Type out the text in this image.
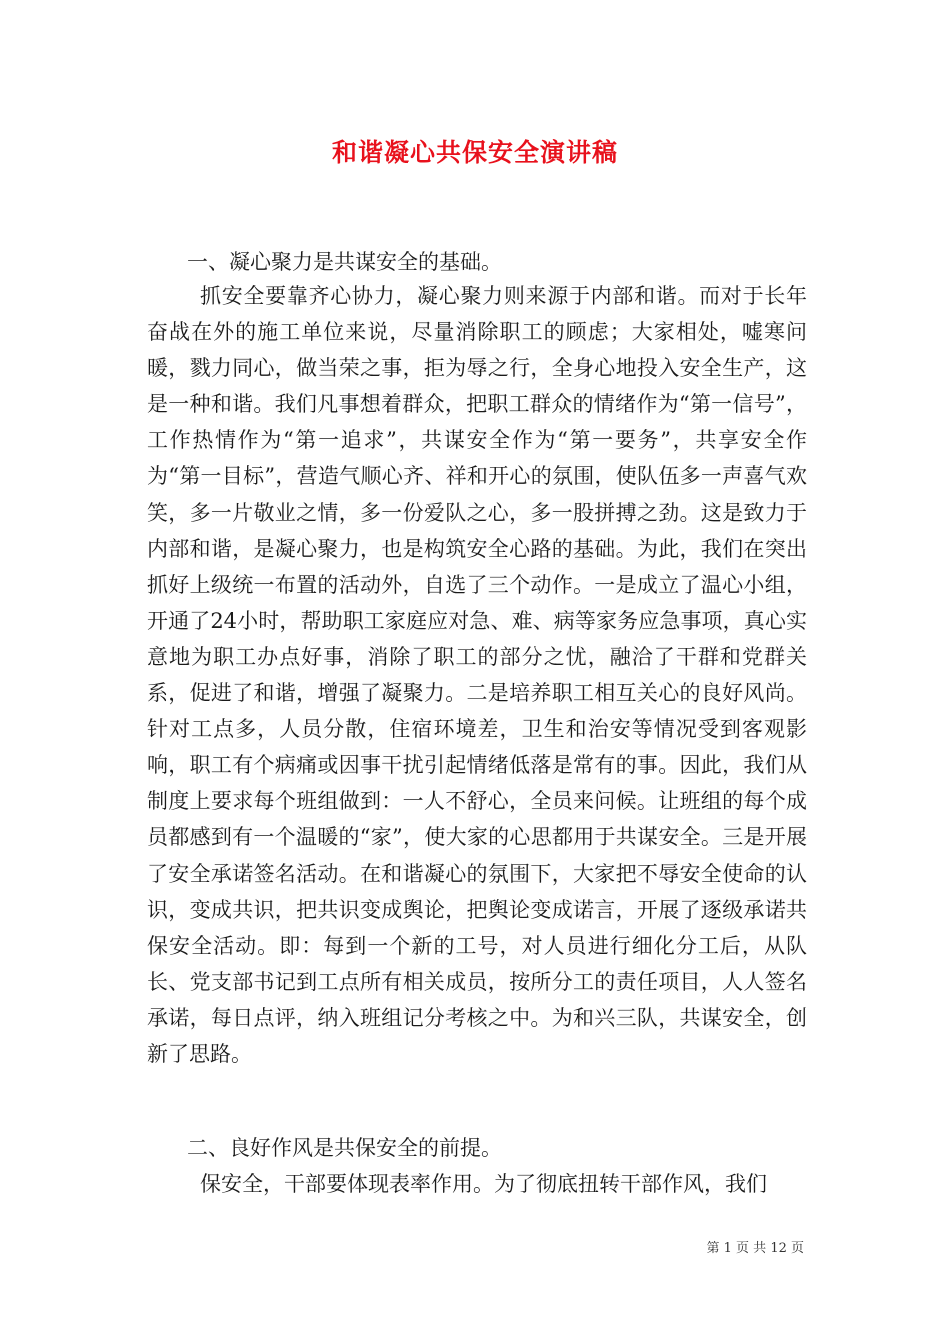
和谐凝心共保安全演讲稿
一、凝心聚力是共谋安全的基础。

抓安全要靠齐心协力，凝心聚力则来源于内部和谐。而对于长年奋战在外的施工单位来说，尽量消除职工的顾虑；大家相处，嘘寒问暖，戮力同心，做当荣之事，拒为辱之行，全身心地投入安全生产，这是一种和谐。我们凡事想着群众，把职工群众的情绪作为“第一信号”，工作热情作为“第一追求”，共谋安全作为“第一要务”，共享安全作为“第一目标”，营造气顺心齐、祥和开心的氛围，使队伍多一声喜气欢笑，多一片敬业之情，多一份爱队之心，多一股拼搏之劲。这是致力于内部和谐，是凝心聚力，也是构筑安全心路的基础。为此，我们在突出抓好上级统一布置的活动外，自选了三个动作。一是成立了温心小组，开通了24小时，帮助职工家庭应对急、难、病等家务应急事项，真心实意地为职工办点好事，消除了职工的部分之忧，融洽了干群和党群关系，促进了和谐，增强了凝聚力。二是培养职工相互关心的良好风尚。针对工点多，人员分散，住宿环境差，卫生和治安等情况受到客观影响，职工有个病痛或因事干扰引起情绪低落是常有的事。因此，我们从制度上要求每个班组做到：一人不舒心，全员来问候。让班组的每个成员都感到有一个温暖的“家”，使大家的心思都用于共谋安全。三是开展了安全承诺签名活动。在和谐凝心的氛围下，大家把不辱安全使命的认识，变成共识，把共识变成舆论，把舆论变成诺言，开展了逐级承诺共保安全活动。即：每到一个新的工号，对人员进行细化分工后，从队长、党支部书记到工点所有相关成员，按所分工的责任项目，人人签名承诺，每日点评，纳入班组记分考核之中。为和兴三队，共谋安全，创新了思路。

二、良好作风是共保安全的前提。

保安全，干部要体现表率作用。为了彻底扭转干部作风，我们

第 1 页 共 12 页
